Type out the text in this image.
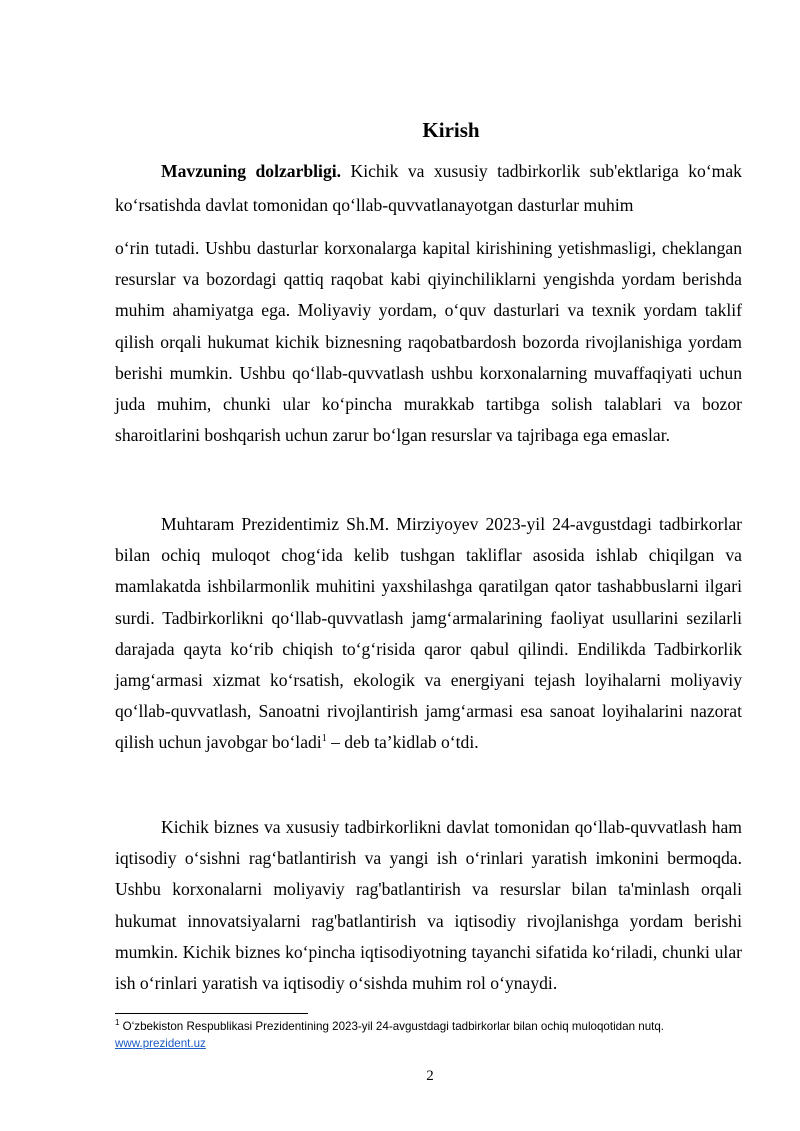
Kirish

Mavzuning dolzarbligi. Kichik va xususiy tadbirkorlik sub'ektlariga ko‘mak ko‘rsatishda davlat tomonidan qo‘llab-quvvatlanayotgan dasturlar muhim

o‘rin tutadi. Ushbu dasturlar korxonalarga kapital kirishining yetishmasligi, cheklangan resurslar va bozordagi qattiq raqobat kabi qiyinchiliklarni yengishda yordam berishda muhim ahamiyatga ega. Moliyaviy yordam, o‘quv dasturlari va texnik yordam taklif qilish orqali hukumat kichik biznesning raqobatbardosh bozorda rivojlanishiga yordam berishi mumkin. Ushbu qo‘llab-quvvatlash ushbu korxonalarning muvaffaqiyati uchun juda muhim, chunki ular ko‘pincha murakkab tartibga solish talablari va bozor sharoitlarini boshqarish uchun zarur bo‘lgan resurslar va tajribaga ega emaslar.

Muhtaram Prezidentimiz Sh.M. Mirziyoyev 2023-yil 24-avgustdagi tadbirkorlar bilan ochiq muloqot chog‘ida kelib tushgan takliflar asosida ishlab chiqilgan va mamlakatda ishbilarmonlik muhitini yaxshilashga qaratilgan qator tashabbuslarni ilgari surdi. Tadbirkorlikni qo‘llab-quvvatlash jamg‘armalarining faoliyat usullarini sezilarli darajada qayta ko‘rib chiqish to‘g‘risida qaror qabul qilindi. Endilikda Tadbirkorlik jamg‘armasi xizmat ko‘rsatish, ekologik va energiyani tejash loyihalarni moliyaviy qo‘llab-quvvatlash, Sanoatni rivojlantirish jamg‘armasi esa sanoat loyihalarini nazorat qilish uchun javobgar bo‘ladi$^1$ – deb ta’kidlab o‘tdi.

Kichik biznes va xususiy tadbirkorlikni davlat tomonidan qo‘llab-quvvatlash ham iqtisodiy o‘sishni rag‘batlantirish va yangi ish o‘rinlari yaratish imkonini bermoqda. Ushbu korxonalarni moliyaviy rag'batlantirish va resurslar bilan ta'minlash orqali hukumat innovatsiyalarni rag'batlantirish va iqtisodiy rivojlanishga yordam berishi mumkin. Kichik biznes ko‘pincha iqtisodiyotning tayanchi sifatida ko‘riladi, chunki ular ish o‘rinlari yaratish va iqtisodiy o‘sishda muhim rol o‘ynaydi.

$^1$ O‘zbekiston Respublikasi Prezidentining 2023-yil 24-avgustdagi tadbirkorlar bilan ochiq muloqotidan nutq.
www.prezident.uz
2
